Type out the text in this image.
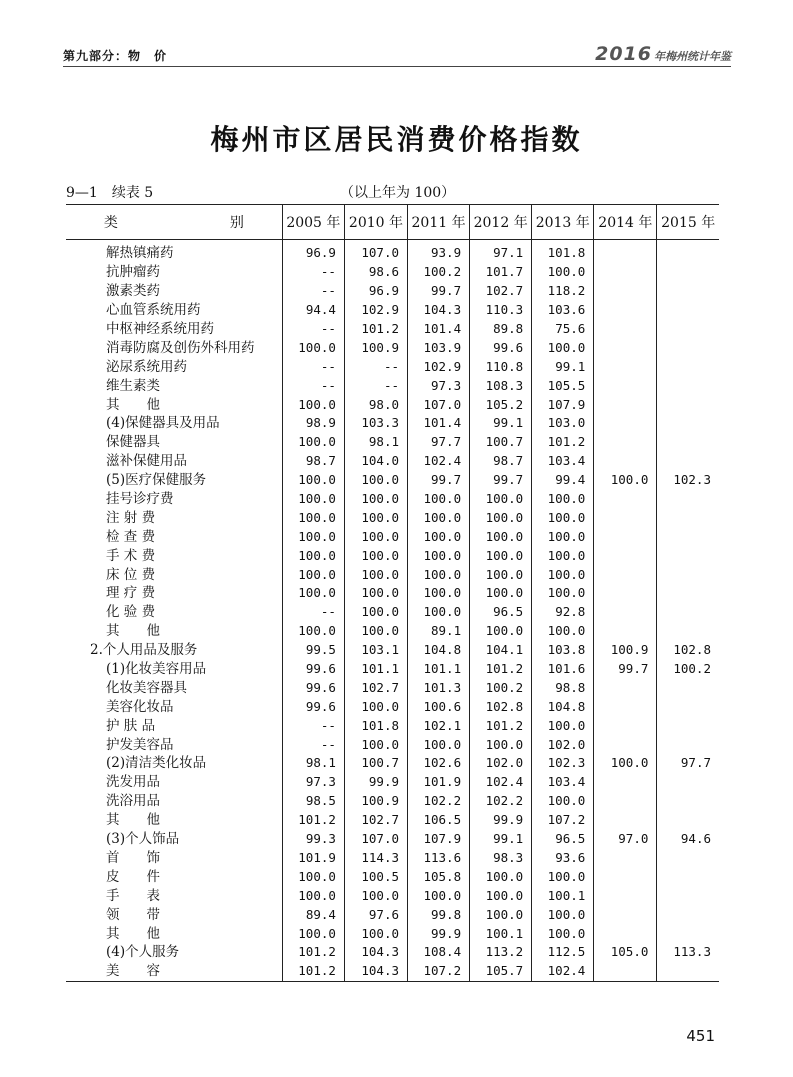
第九部分：物　价	2016 年梅州统计年鉴
梅州市区居民消费价格指数
9—1　续表 5	（以上年为 100）
类　　别	2005 年	2010 年	2011 年	2012 年	2013 年	2014 年	2015 年
解热镇痛药	96.9	107.0	93.9	97.1	101.8		
抗肿瘤药	--	98.6	100.2	101.7	100.0		
激素类药	--	96.9	99.7	102.7	118.2		
心血管系统用药	94.4	102.9	104.3	110.3	103.6		
中枢神经系统用药	--	101.2	101.4	89.8	75.6		
消毒防腐及创伤外科用药	100.0	100.9	103.9	99.6	100.0		
泌尿系统用药	--	--	102.9	110.8	99.1		
维生素类	--	--	97.3	108.3	105.5		
其　　他	100.0	98.0	107.0	105.2	107.9		
(4)保健器具及用品	98.9	103.3	101.4	99.1	103.0		
保健器具	100.0	98.1	97.7	100.7	101.2		
滋补保健用品	98.7	104.0	102.4	98.7	103.4		
(5)医疗保健服务	100.0	100.0	99.7	99.7	99.4	100.0	102.3
挂号诊疗费	100.0	100.0	100.0	100.0	100.0		
注 射 费	100.0	100.0	100.0	100.0	100.0		
检 查 费	100.0	100.0	100.0	100.0	100.0		
手 术 费	100.0	100.0	100.0	100.0	100.0		
床 位 费	100.0	100.0	100.0	100.0	100.0		
理 疗 费	100.0	100.0	100.0	100.0	100.0		
化 验 费	--	100.0	100.0	96.5	92.8		
其　　他	100.0	100.0	89.1	100.0	100.0		
2.个人用品及服务	99.5	103.1	104.8	104.1	103.8	100.9	102.8
(1)化妆美容用品	99.6	101.1	101.1	101.2	101.6	99.7	100.2
化妆美容器具	99.6	102.7	101.3	100.2	98.8		
美容化妆品	99.6	100.0	100.6	102.8	104.8		
护 肤 品	--	101.8	102.1	101.2	100.0		
护发美容品	--	100.0	100.0	100.0	102.0		
(2)清洁类化妆品	98.1	100.7	102.6	102.0	102.3	100.0	97.7
洗发用品	97.3	99.9	101.9	102.4	103.4		
洗浴用品	98.5	100.9	102.2	102.2	100.0		
其　　他	101.2	102.7	106.5	99.9	107.2		
(3)个人饰品	99.3	107.0	107.9	99.1	96.5	97.0	94.6
首　　饰	101.9	114.3	113.6	98.3	93.6		
皮　　件	100.0	100.5	105.8	100.0	100.0		
手　　表	100.0	100.0	100.0	100.0	100.1		
领　　带	89.4	97.6	99.8	100.0	100.0		
其　　他	100.0	100.0	99.9	100.1	100.0		
(4)个人服务	101.2	104.3	108.4	113.2	112.5	105.0	113.3
美　　容	101.2	104.3	107.2	105.7	102.4		
451
